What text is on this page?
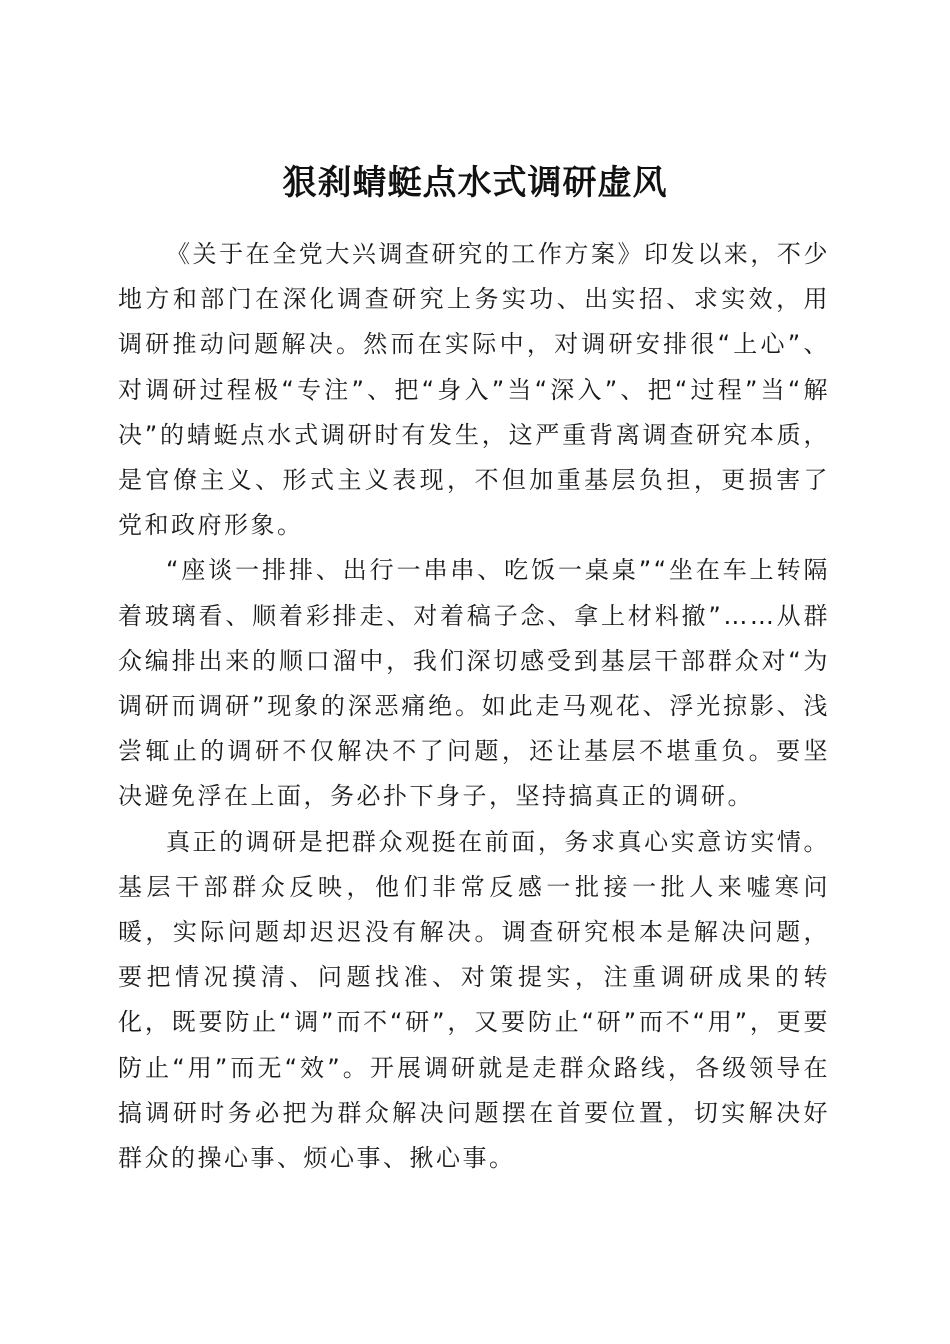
狠刹蜻蜓点水式调研虚风

《关于在全党大兴调查研究的工作方案》印发以来，不少地方和部门在深化调查研究上务实功、出实招、求实效，用调研推动问题解决。然而在实际中，对调研安排很“上心”、对调研过程极“专注”、把“身入”当“深入”、把“过程”当“解决”的蜻蜓点水式调研时有发生，这严重背离调查研究本质，是官僚主义、形式主义表现，不但加重基层负担，更损害了党和政府形象。

“座谈一排排、出行一串串、吃饭一桌桌”“坐在车上转隔着玻璃看、顺着彩排走、对着稿子念、拿上材料撤”……从群众编排出来的顺口溜中，我们深切感受到基层干部群众对“为调研而调研”现象的深恶痛绝。如此走马观花、浮光掠影、浅尝辄止的调研不仅解决不了问题，还让基层不堪重负。要坚决避免浮在上面，务必扑下身子，坚持搞真正的调研。

真正的调研是把群众观挺在前面，务求真心实意访实情。基层干部群众反映，他们非常反感一批接一批人来嘘寒问暖，实际问题却迟迟没有解决。调查研究根本是解决问题，要把情况摸清、问题找准、对策提实，注重调研成果的转化，既要防止“调”而不“研”，又要防止“研”而不“用”，更要防止“用”而无“效”。开展调研就是走群众路线，各级领导在搞调研时务必把为群众解决问题摆在首要位置，切实解决好群众的操心事、烦心事、揪心事。
